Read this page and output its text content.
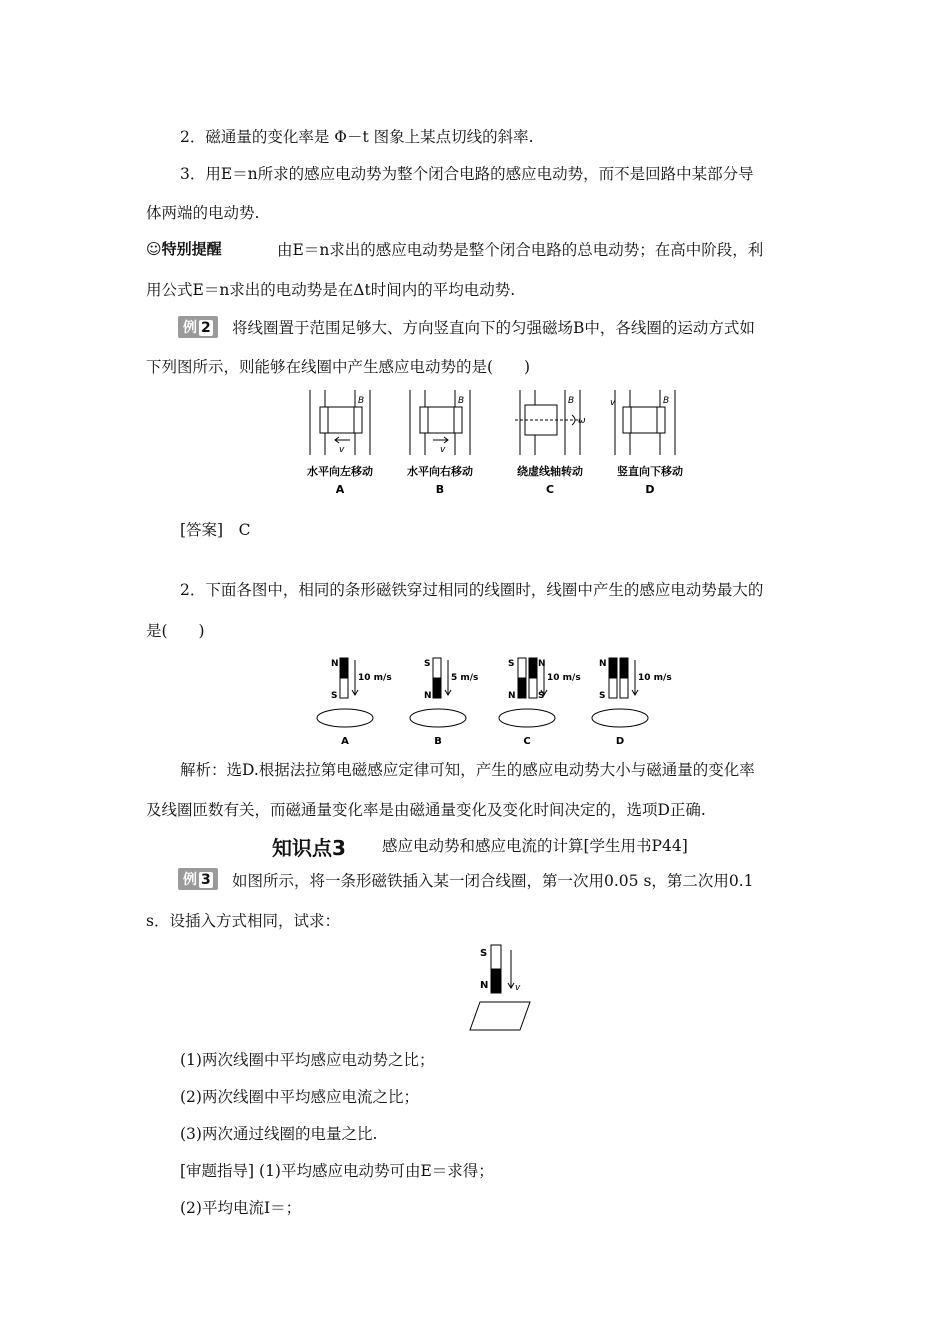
2．磁通量的变化率是 Φ－t 图象上某点切线的斜率.
3．用E＝n所求的感应电动势为整个闭合电路的感应电动势，而不是回路中某部分导
体两端的电动势.
☺特别提醒	由E＝n求出的感应电动势是整个闭合电路的总电动势；在高中阶段，利
用公式E＝n求出的电动势是在Δt时间内的平均电动势.
例 2	将线圈置于范围足够大、方向竖直向下的匀强磁场B中，各线圈的运动方式如
下列图所示，则能够在线圈中产生感应电动势的是(　　)
B
v
B
v
B
ω
B
v
水平向左移动	水平向右移动	绕虚线轴转动	竖直向下移动
A	B	C	D
[答案]　C
2．下面各图中，相同的条形磁铁穿过相同的线圈时，线圈中产生的感应电动势最大的
是(　　)
N
S
10 m/s
S
N
5 m/s
S
N
N
S
10 m/s
N
S
10 m/s
A	B	C	D
解析：选D.根据法拉第电磁感应定律可知，产生的感应电动势大小与磁通量的变化率
及线圈匝数有关，而磁通量变化率是由磁通量变化及变化时间决定的，选项D正确.
知识点3 感应电动势和感应电流的计算[学生用书P44]
例 3	如图所示，将一条形磁铁插入某一闭合线圈，第一次用0.05 s，第二次用0.1
s．设插入方式相同，试求：
S
N	v
(1)两次线圈中平均感应电动势之比；
(2)两次线圈中平均感应电流之比；
(3)两次通过线圈的电量之比.
[审题指导] (1)平均感应电动势可由E＝求得；
(2)平均电流I＝；
